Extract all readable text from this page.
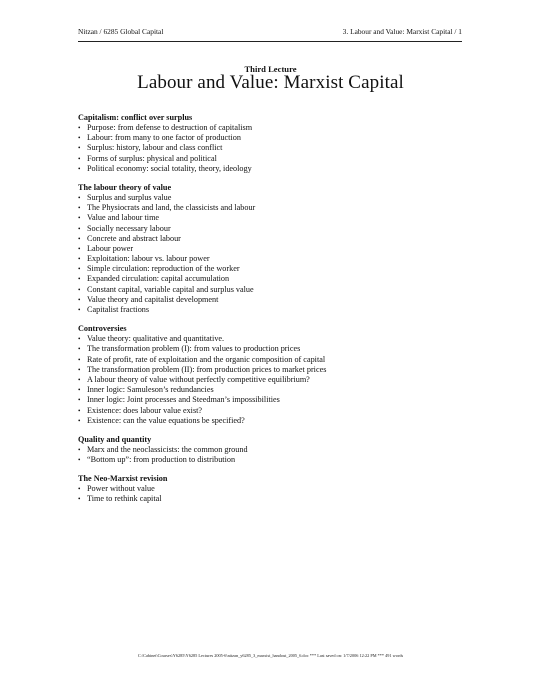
Nitzan / 6285 Global Capital	3. Labour and Value: Marxist Capital / 1
Third Lecture
Labour and Value: Marxist Capital
Capitalism: conflict over surplus
• Purpose: from defense to destruction of capitalism
• Labour: from many to one factor of production
• Surplus: history, labour and class conflict
• Forms of surplus: physical and political
• Political economy: social totality, theory, ideology
The labour theory of value
• Surplus and surplus value
• The Physiocrats and land, the classicists and labour
• Value and labour time
• Socially necessary labour
• Concrete and abstract labour
• Labour power
• Exploitation: labour vs. labour power
• Simple circulation: reproduction of the worker
• Expanded circulation: capital accumulation
• Constant capital, variable capital and surplus value
• Value theory and capitalist development
• Capitalist fractions
Controversies
• Value theory: qualitative and quantitative.
• The transformation problem (I): from values to production prices
• Rate of profit, rate of exploitation and the organic composition of capital
• The transformation problem (II): from production prices to market prices
• A labour theory of value without perfectly competitive equilibrium?
• Inner logic: Samuleson’s redundancies
• Inner logic: Joint processes and Steedman’s impossibilities
• Existence: does labour value exist?
• Existence: can the value equations be specified?
Quality and quantity
• Marx and the neoclassicists: the common ground
• “Bottom up”: from production to distribution
The Neo-Marxist revision
• Power without value
• Time to rethink capital
C:\Cabinet\Courses\Y6285\Y6285 Lectures 2005-6\nitzan_y6285_3_marxist_handout_2005_6.doc *** Last saved on: 1/7/2006 12:22 PM *** 491 words
